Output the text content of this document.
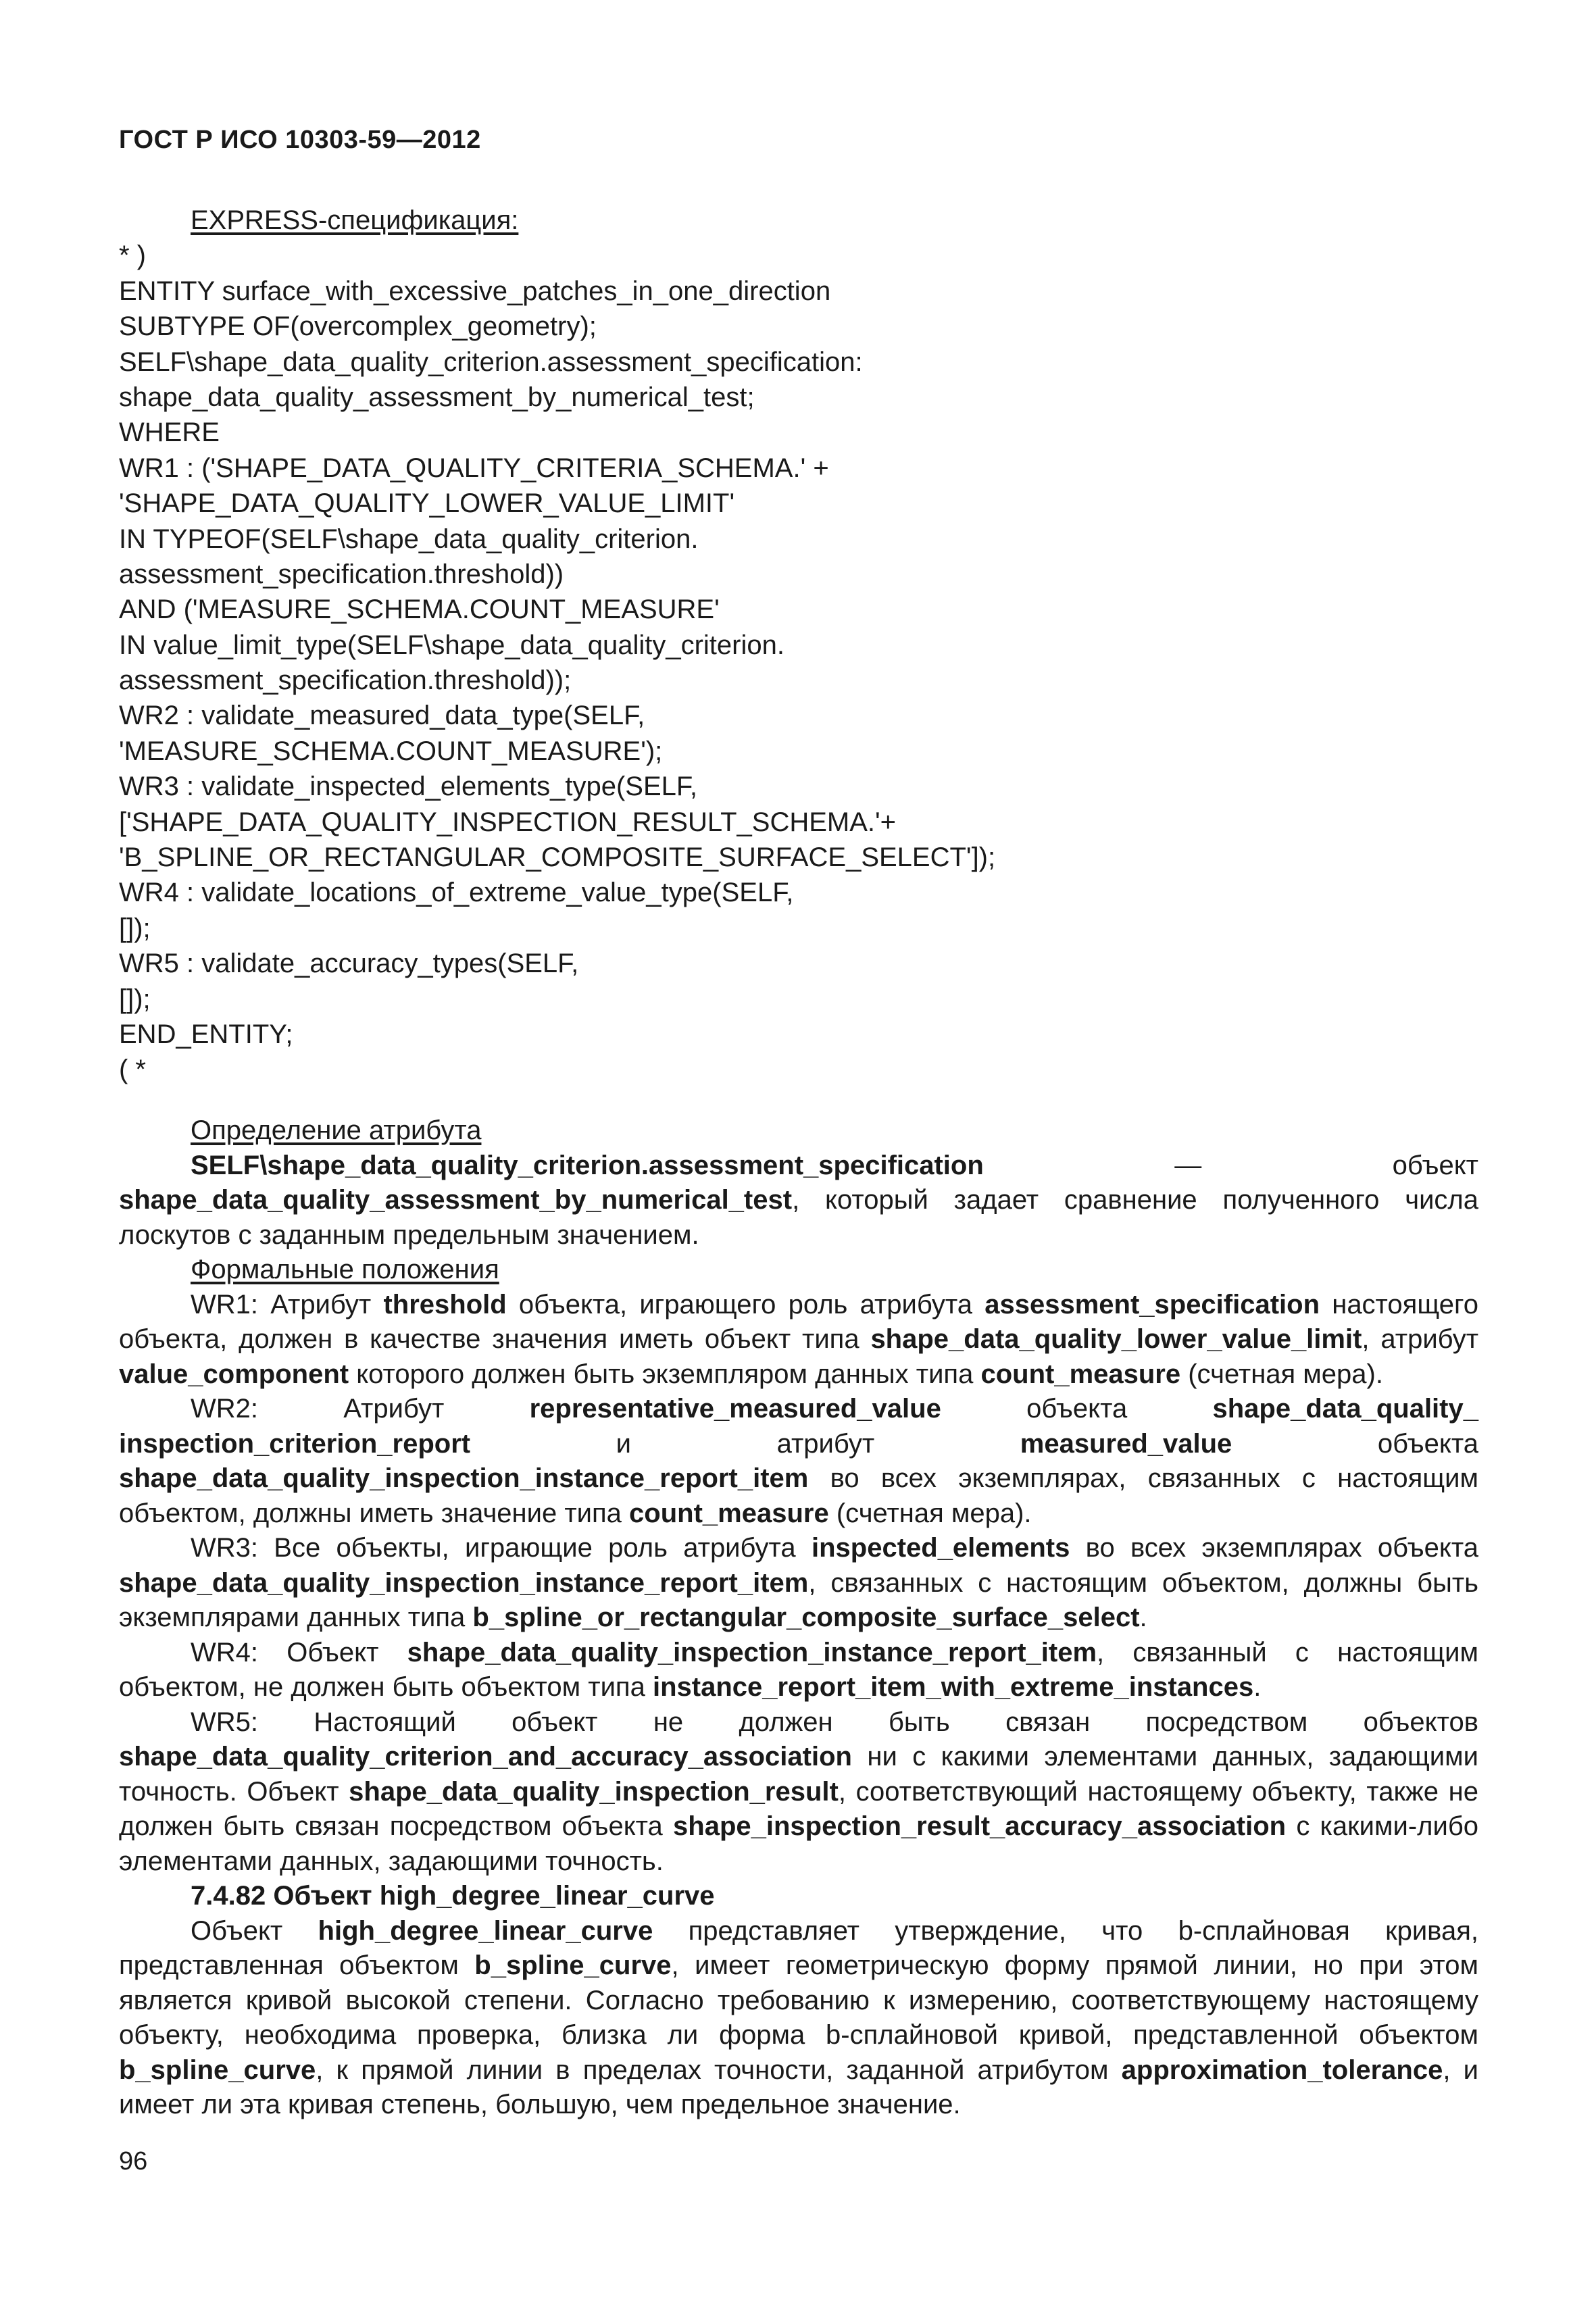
ГОСТ Р ИСО 10303-59—2012
EXPRESS-спецификация:
* )
ENTITY surface_with_excessive_patches_in_one_direction
SUBTYPE OF(overcomplex_geometry);
SELF\shape_data_quality_criterion.assessment_specification:
shape_data_quality_assessment_by_numerical_test;
WHERE
WR1 : ('SHAPE_DATA_QUALITY_CRITERIA_SCHEMA.' +
'SHAPE_DATA_QUALITY_LOWER_VALUE_LIMIT'
IN TYPEOF(SELF\shape_data_quality_criterion.
assessment_specification.threshold))
AND ('MEASURE_SCHEMA.COUNT_MEASURE'
IN value_limit_type(SELF\shape_data_quality_criterion.
assessment_specification.threshold));
WR2 : validate_measured_data_type(SELF,
'MEASURE_SCHEMA.COUNT_MEASURE');
WR3 : validate_inspected_elements_type(SELF,
['SHAPE_DATA_QUALITY_INSPECTION_RESULT_SCHEMA.'+
'B_SPLINE_OR_RECTANGULAR_COMPOSITE_SURFACE_SELECT']);
WR4 : validate_locations_of_extreme_value_type(SELF,
[]);
WR5 : validate_accuracy_types(SELF,
[]);
END_ENTITY;
( *

Определение атрибута

SELF\shape_data_quality_criterion.assessment_specification — объект shape_data_quality_assessment_by_numerical_test, который задает сравнение полученного числа лоскутов с заданным предельным значением.

Формальные положения

WR1: Атрибут threshold объекта, играющего роль атрибута assessment_specification настоящего объекта, должен в качестве значения иметь объект типа shape_data_quality_lower_value_limit, атрибут value_component которого должен быть экземпляром данных типа count_measure (счетная мера).

WR2: Атрибут representative_measured_value объекта shape_data_quality_ inspection_criterion_report и атрибут measured_value объекта shape_data_quality_inspection_instance_report_item во всех экземплярах, связанных с настоящим объектом, должны иметь значение типа count_measure (счетная мера).

WR3: Все объекты, играющие роль атрибута inspected_elements во всех экземплярах объекта shape_data_quality_inspection_instance_report_item, связанных с настоящим объектом, должны быть экземплярами данных типа b_spline_or_rectangular_composite_surface_select.

WR4: Объект shape_data_quality_inspection_instance_report_item, связанный с настоящим объектом, не должен быть объектом типа instance_report_item_with_extreme_instances.

WR5: Настоящий объект не должен быть связан посредством объектов shape_data_quality_criterion_and_accuracy_association ни с какими элементами данных, задающими точность. Объект shape_data_quality_inspection_result, соответствующий настоящему объекту, также не должен быть связан посредством объекта shape_inspection_result_accuracy_association с какими-либо элементами данных, задающими точность.

7.4.82 Объект high_degree_linear_curve

Объект high_degree_linear_curve представляет утверждение, что b-сплайновая кривая, представленная объектом b_spline_curve, имеет геометрическую форму прямой линии, но при этом является кривой высокой степени. Согласно требованию к измерению, соответствующему настоящему объекту, необходима проверка, близка ли форма b-сплайновой кривой, представленной объектом b_spline_curve, к прямой линии в пределах точности, заданной атрибутом approximation_tolerance, и имеет ли эта кривая степень, большую, чем предельное значение.

96
